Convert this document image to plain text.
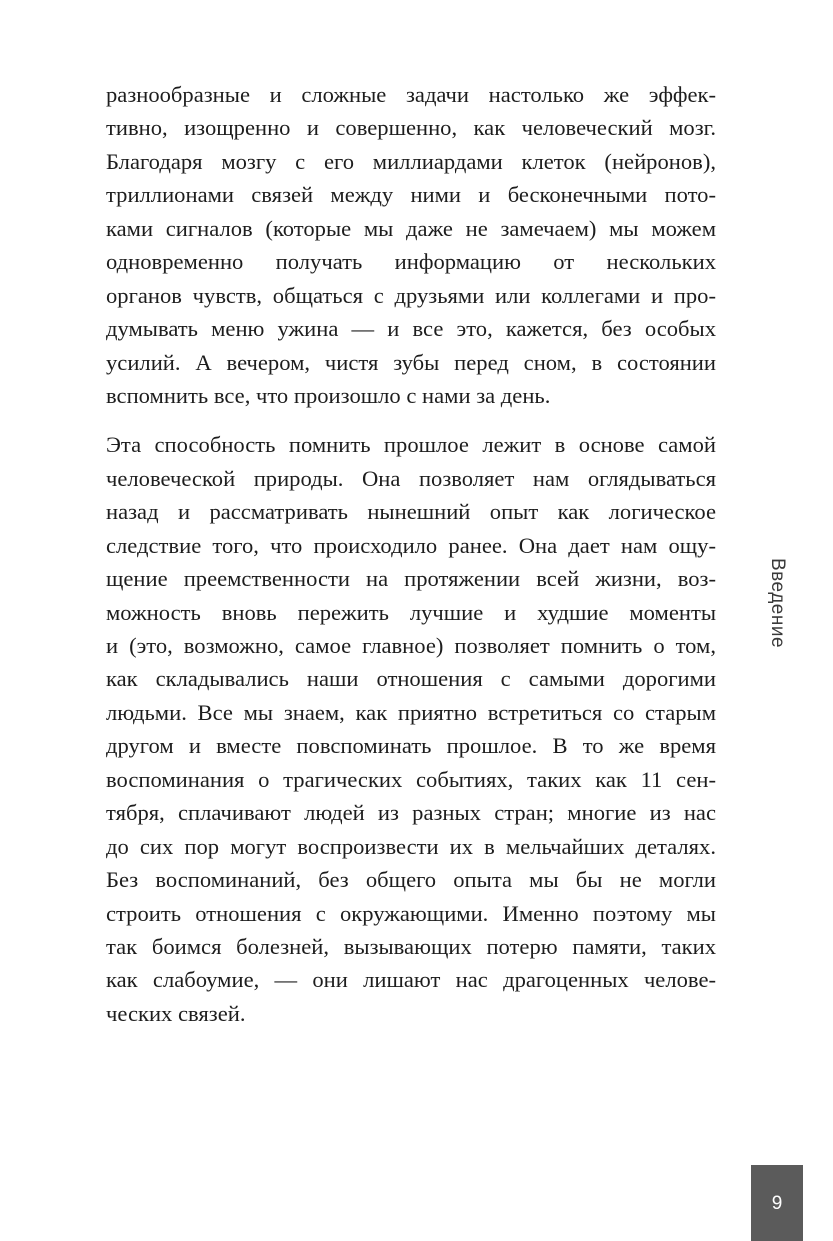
разнообразные и сложные задачи настолько же эффек-
тивно, изощренно и совершенно, как человеческий мозг.
Благодаря мозгу с его миллиардами клеток (нейронов),
триллионами связей между ними и бесконечными пото-
ками сигналов (которые мы даже не замечаем) мы можем
одновременно получать информацию от нескольких
органов чувств, общаться с друзьями или коллегами и про-
думывать меню ужина — и все это, кажется, без особых
усилий. А вечером, чистя зубы перед сном, в состоянии
вспомнить все, что произошло с нами за день.
Эта способность помнить прошлое лежит в основе самой
человеческой природы. Она позволяет нам оглядываться
назад и рассматривать нынешний опыт как логическое
следствие того, что происходило ранее. Она дает нам ощу-
щение преемственности на протяжении всей жизни, воз-
можность вновь пережить лучшие и худшие моменты
и (это, возможно, самое главное) позволяет помнить о том,
как складывались наши отношения с самыми дорогими
людьми. Все мы знаем, как приятно встретиться со старым
другом и вместе повспоминать прошлое. В то же время
воспоминания о трагических событиях, таких как 11 сен-
тября, сплачивают людей из разных стран; многие из нас
до сих пор могут воспроизвести их в мельчайших деталях.
Без воспоминаний, без общего опыта мы бы не могли
строить отношения с окружающими. Именно поэтому мы
так боимся болезней, вызывающих потерю памяти, таких
как слабоумие, — они лишают нас драгоценных челове-
ческих связей.
Введение
9
